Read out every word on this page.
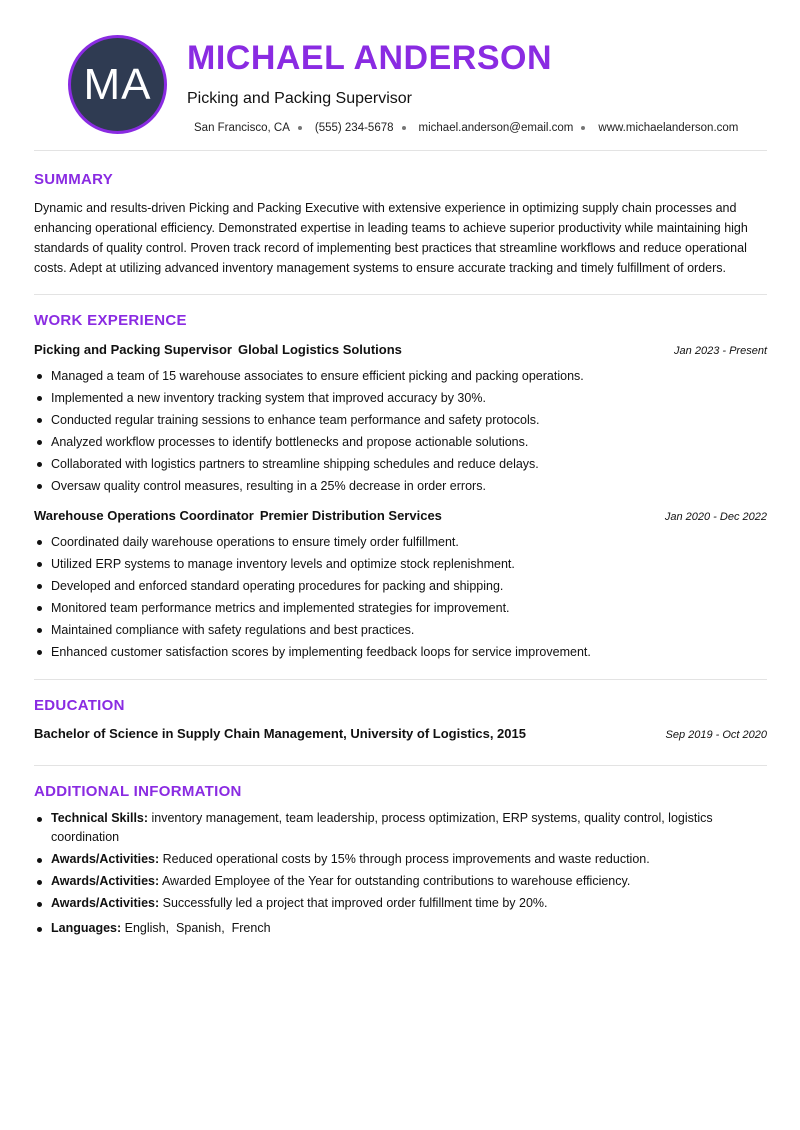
MA
MICHAEL ANDERSON
Picking and Packing Supervisor
San Francisco, CA (555) 234-5678 michael.anderson@email.com www.michaelanderson.com
SUMMARY

Dynamic and results-driven Picking and Packing Executive with extensive experience in optimizing supply chain processes and enhancing operational efficiency. Demonstrated expertise in leading teams to achieve superior productivity while maintaining high standards of quality control. Proven track record of implementing best practices that streamline workflows and reduce operational costs. Adept at utilizing advanced inventory management systems to ensure accurate tracking and timely fulfillment of orders.

WORK EXPERIENCE
Picking and Packing Supervisor Global Logistics Solutions	Jan 2023 - Present
Managed a team of 15 warehouse associates to ensure efficient picking and packing operations.
Implemented a new inventory tracking system that improved accuracy by 30%.
Conducted regular training sessions to enhance team performance and safety protocols.
Analyzed workflow processes to identify bottlenecks and propose actionable solutions.
Collaborated with logistics partners to streamline shipping schedules and reduce delays.
Oversaw quality control measures, resulting in a 25% decrease in order errors.
Warehouse Operations Coordinator Premier Distribution Services	Jan 2020 - Dec 2022
Coordinated daily warehouse operations to ensure timely order fulfillment.
Utilized ERP systems to manage inventory levels and optimize stock replenishment.
Developed and enforced standard operating procedures for packing and shipping.
Monitored team performance metrics and implemented strategies for improvement.
Maintained compliance with safety regulations and best practices.
Enhanced customer satisfaction scores by implementing feedback loops for service improvement.
EDUCATION
Bachelor of Science in Supply Chain Management, University of Logistics, 2015	Sep 2019 - Oct 2020
ADDITIONAL INFORMATION
Technical Skills: inventory management, team leadership, process optimization, ERP systems, quality control, logistics coordination
Awards/Activities: Reduced operational costs by 15% through process improvements and waste reduction.
Awards/Activities: Awarded Employee of the Year for outstanding contributions to warehouse efficiency.
Awards/Activities: Successfully led a project that improved order fulfillment time by 20%.
Languages: English,  Spanish,  French
